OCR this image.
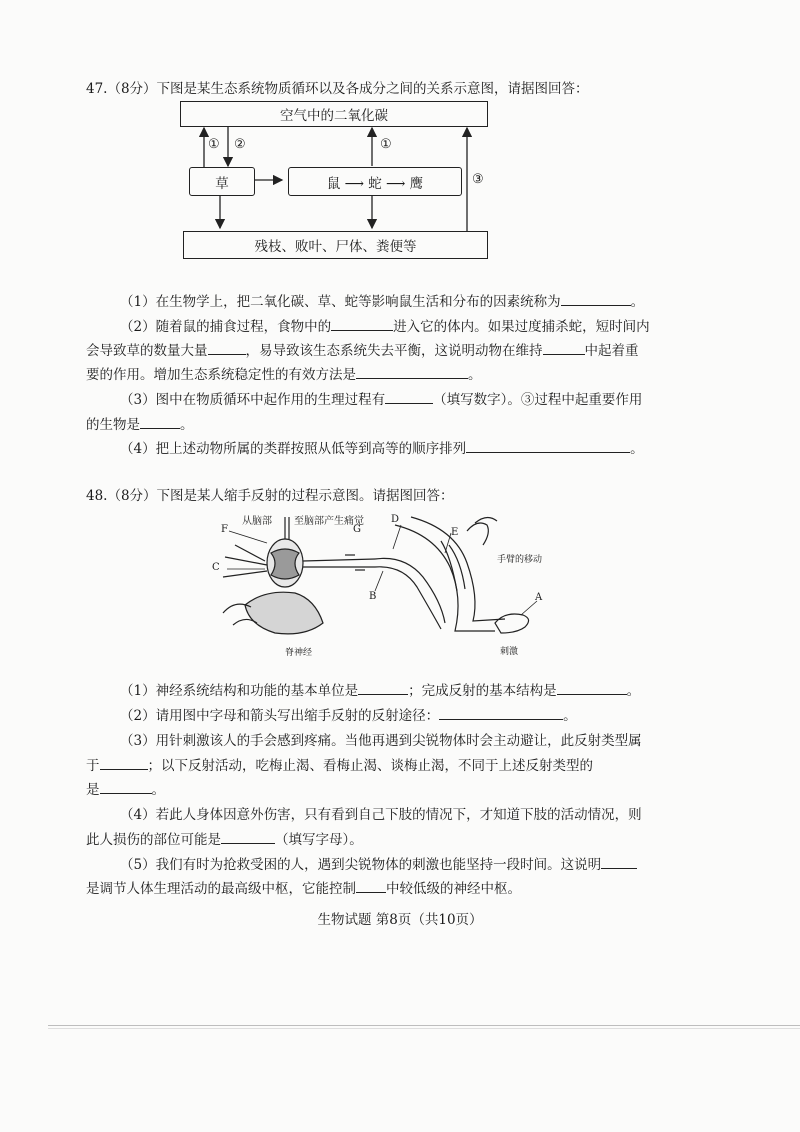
47.（8分）下图是某生态系统物质循环以及各成分之间的关系示意图，请据图回答：
空气中的二氧化碳
草	鼠 ⟶ 蛇 ⟶ 鹰
残枝、败叶、尸体、粪便等
① ②	①
③
（1）在生物学上，把二氧化碳、草、蛇等影响鼠生活和分布的因素统称为	。
（2）随着鼠的捕食过程，食物中的	进入它的体内。如果过度捕杀蛇，短时间内
会导致草的数量大量	，易导致该生态系统失去平衡，这说明动物在维持	中起着重
要的作用。增加生态系统稳定性的有效方法是	。
（3）图中在物质循环中起作用的生理过程有	（填写数字）。③过程中起重要作用
的生物是	。
（4）把上述动物所属的类群按照从低等到高等的顺序排列	。
48.（8分）下图是某人缩手反射的过程示意图。请据图回答：
从脑部 至脑部产生痛觉
F	G
C
D
E
B	A
手臂的移动
脊神经	刺激
（1）神经系统结构和功能的基本单位是	；完成反射的基本结构是	。
（2）请用图中字母和箭头写出缩手反射的反射途径：	。
（3）用针刺激该人的手会感到疼痛。当他再遇到尖锐物体时会主动避让，此反射类型属
于	；以下反射活动，吃梅止渴、看梅止渴、谈梅止渴，不同于上述反射类型的
是	。
（4）若此人身体因意外伤害，只有看到自己下肢的情况下，才知道下肢的活动情况，则
此人损伤的部位可能是	（填写字母）。
（5）我们有时为抢救受困的人，遇到尖锐物体的刺激也能坚持一段时间。这说明
是调节人体生理活动的最高级中枢，它能控制 中较低级的神经中枢。
生物试题 第8页（共10页）
